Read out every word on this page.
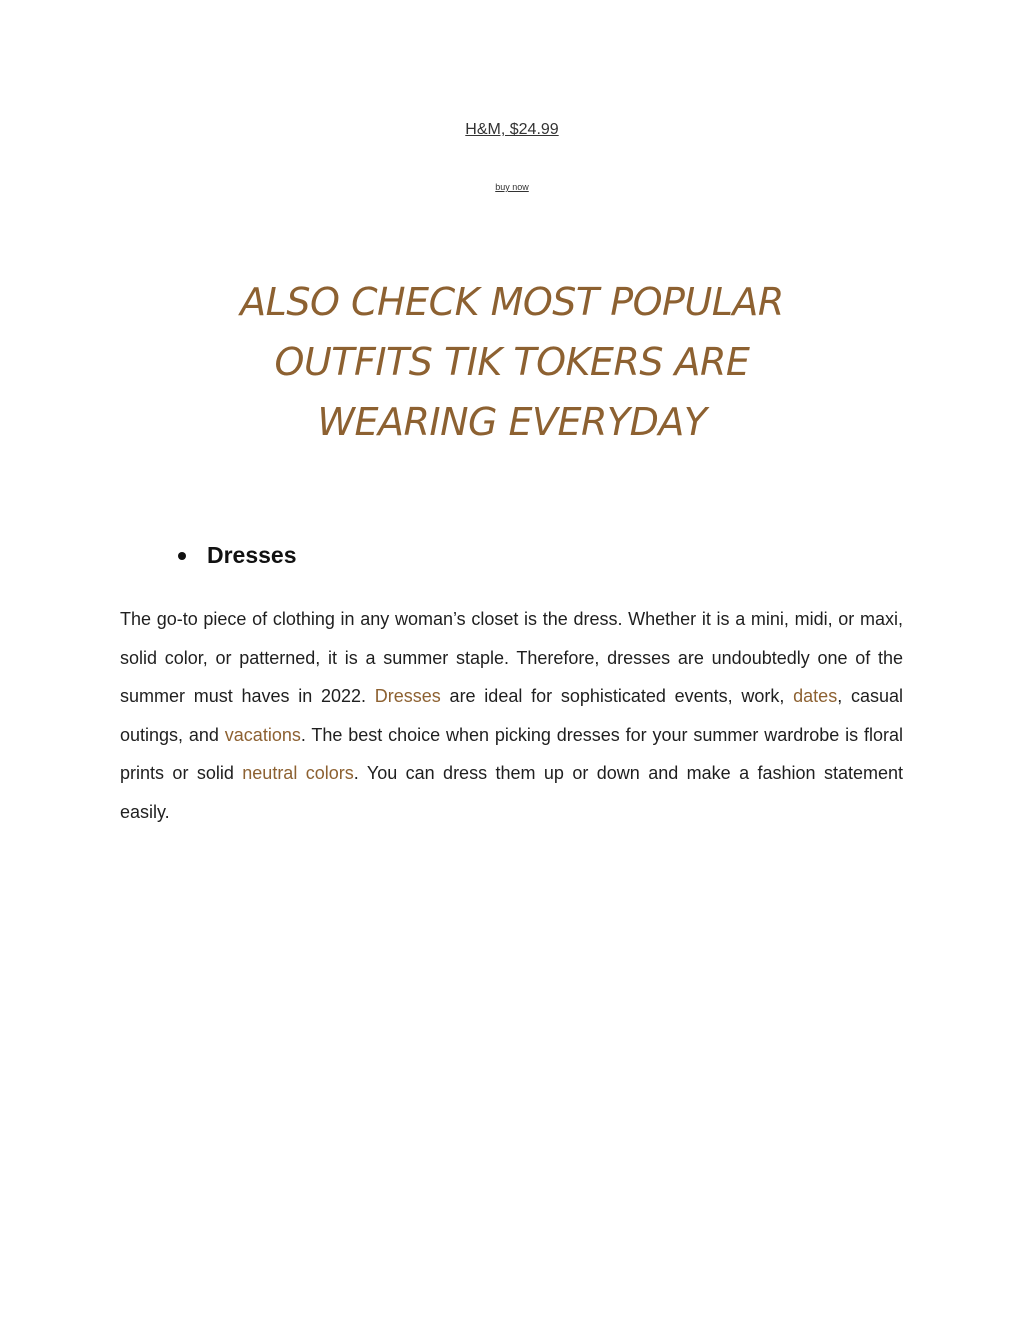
H&M, $24.99
buy now
ALSO CHECK MOST POPULAR
OUTFITS TIK TOKERS ARE
WEARING EVERYDAY
Dresses

The go-to piece of clothing in any woman’s closet is the dress. Whether it is a mini, midi, or maxi, solid color, or patterned, it is a summer staple. Therefore, dresses are undoubtedly one of the summer must haves in 2022. Dresses are ideal for sophisticated events, work, dates, casual outings, and vacations. The best choice when picking dresses for your summer wardrobe is floral prints or solid neutral colors. You can dress them up or down and make a fashion statement easily.
